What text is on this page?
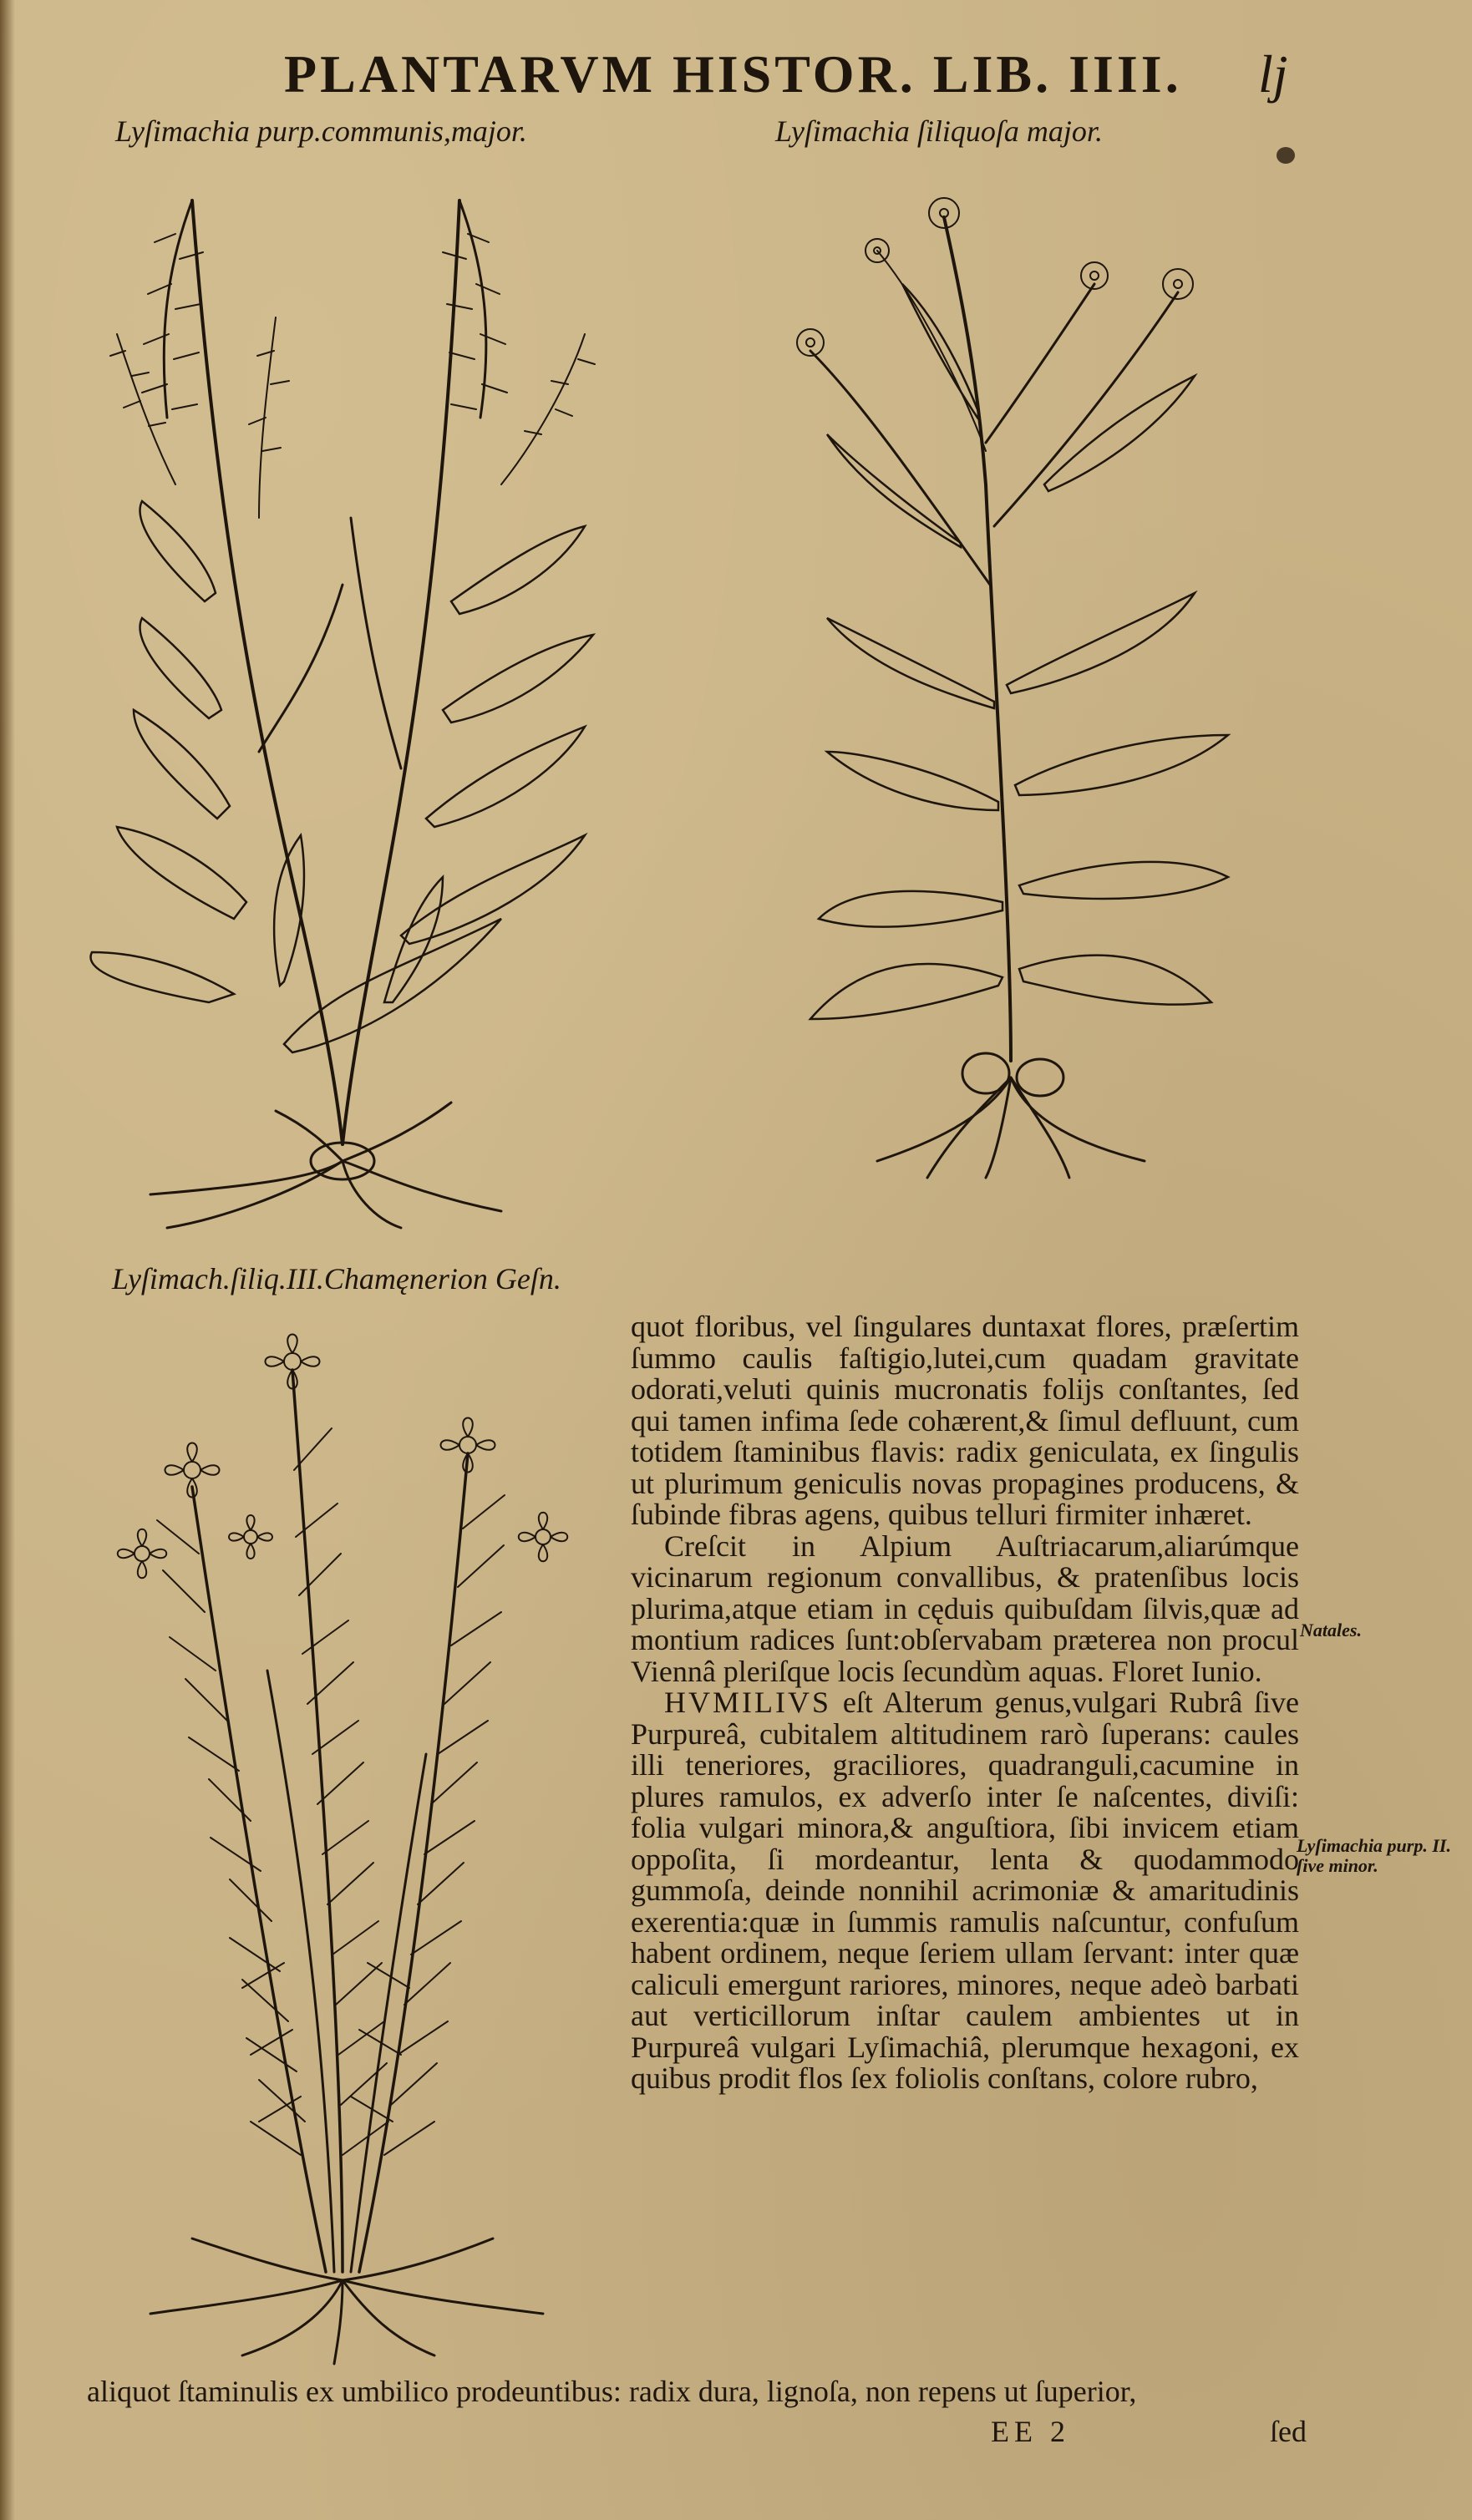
PLANTARVM HISTOR. LIB. IIII. lj
Lyſimachia purp.communis,major.	Lyſimachia ſiliquoſa major.
Lyſimach.ſiliq.III.Chamęnerion Geſn.

quot floribus, vel ſingulares duntaxat flores, præſertim ſummo caulis faſtigio,lutei,cum quadam gravitate odorati,veluti quinis mucronatis folijs conſtantes, ſed qui tamen infima ſede cohærent,& ſimul defluunt, cum totidem ſtaminibus flavis: radix geniculata, ex ſingulis ut plurimum geniculis novas propagines producens, & ſubinde fibras agens, quibus telluri firmiter inhæret.

Creſcit in Alpium Auſtriacarum,aliarúmque vicinarum regionum convallibus, & pratenſibus locis plurima,atque etiam in cęduis quibuſdam ſilvis,quæ ad montium radices ſunt:obſervabam præterea non procul Viennâ pleriſque locis ſecundùm aquas. Floret Iunio.

HVMILIVS eſt Alterum genus,vulgari Rubrâ ſive Purpureâ, cubitalem altitudinem rarò ſuperans: caules illi teneriores, graciliores, quadranguli,cacumine in plures ramulos, ex adverſo inter ſe naſcentes, diviſi: folia vulgari minora,& anguſtiora, ſibi invicem etiam oppoſita, ſi mordeantur, lenta & quodammodo gummoſa, deinde nonnihil acrimoniæ & amaritudinis exerentia:quæ in ſummis ramulis naſcuntur, confuſum habent ordinem, neque ſeriem ullam ſervant: inter quæ caliculi emergunt rariores, minores, neque adeò barbati aut verticillorum inſtar caulem ambientes ut in Purpureâ vulgari Lyſimachiâ, plerumque hexagoni, ex quibus prodit flos ſex foliolis conſtans, colore rubro,

Natales.
Lyſimachia purp. II. ſive minor.
aliquot ſtaminulis ex umbilico prodeuntibus: radix dura, lignoſa, non repens ut ſuperior,
EE 2	ſed
